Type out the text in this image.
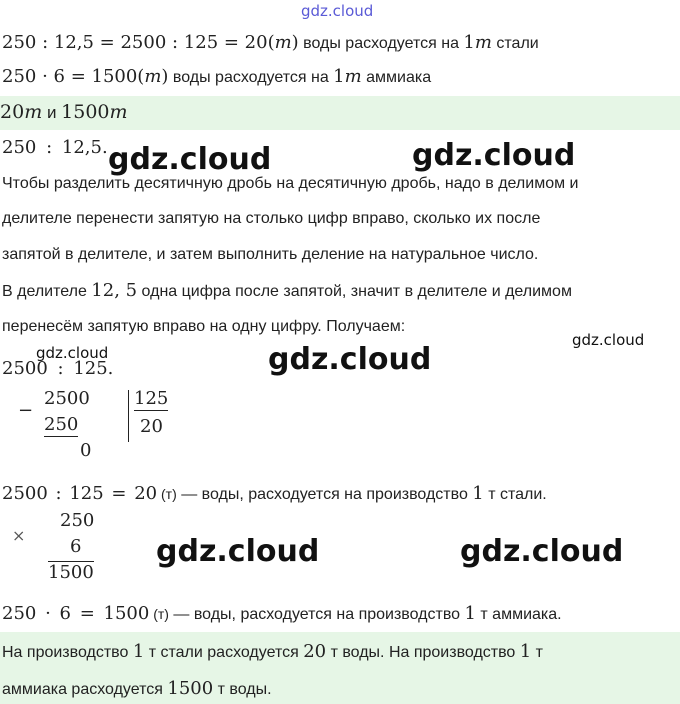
gdz.cloud
250 : 12,5 = 2500 : 125 = 20(т) воды расходуется на 1т стали
250 · 6 = 1500(т) воды расходуется на 1т аммиака
20т и 1500т
250 : 12,5. gdz.cloud	gdz.cloud
Чтобы разделить десятичную дробь на десятичную дробь, надо в делимом и
делителе перенести запятую на столько цифр вправо, сколько их после
запятой в делителе, и затем выполнить деление на натуральное число.
В делителе 12, 5 одна цифра после запятой, значит в делителе и делимом
перенесём запятую вправо на одну цифру. Получаем:
gdz.cloud
gdz.cloud	gdz.cloud
2500 : 125.
−
2500
250
0
125
20
2500 : 125 = 20 (т) — воды, расходуется на производство 1 т стали.
×
250
6
1500
gdz.cloud	gdz.cloud
250 · 6 = 1500 (т) — воды, расходуется на производство 1 т аммиака.
На производство 1 т стали расходуется 20 т воды. На производство 1 т
аммиака расходуется 1500 т воды.
